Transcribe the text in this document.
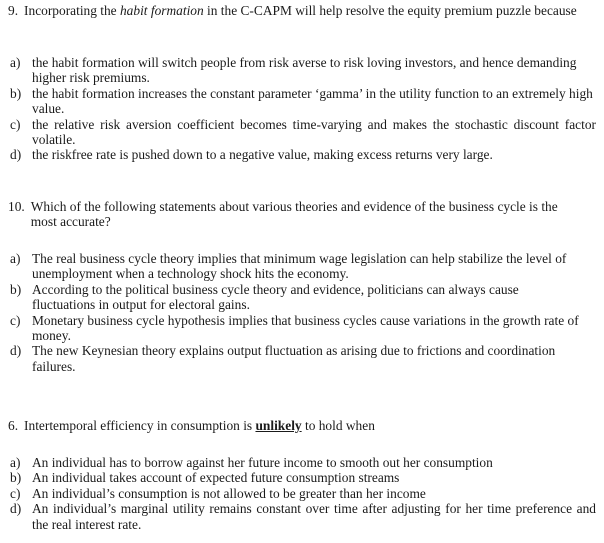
9. Incorporating the habit formation in the C-CAPM will help resolve the equity premium puzzle because
a) the habit formation will switch people from risk averse to risk loving investors, and hence demanding higher risk premiums.
b) the habit formation increases the constant parameter ‘gamma’ in the utility function to an extremely high value.
c) the relative risk aversion coefficient becomes time-varying and makes the stochastic discount factor volatile.
d) the riskfree rate is pushed down to a negative value, making excess returns very large.
10. Which of the following statements about various theories and evidence of the business cycle is the most accurate?
a) The real business cycle theory implies that minimum wage legislation can help stabilize the level of unemployment when a technology shock hits the economy.
b) According to the political business cycle theory and evidence, politicians can always cause fluctuations in output for electoral gains.
c) Monetary business cycle hypothesis implies that business cycles cause variations in the growth rate of money.
d) The new Keynesian theory explains output fluctuation as arising due to frictions and coordination failures.
6. Intertemporal efficiency in consumption is unlikely to hold when
a) An individual has to borrow against her future income to smooth out her consumption
b) An individual takes account of expected future consumption streams
c) An individual’s consumption is not allowed to be greater than her income
d) An individual’s marginal utility remains constant over time after adjusting for her time preference and the real interest rate.
